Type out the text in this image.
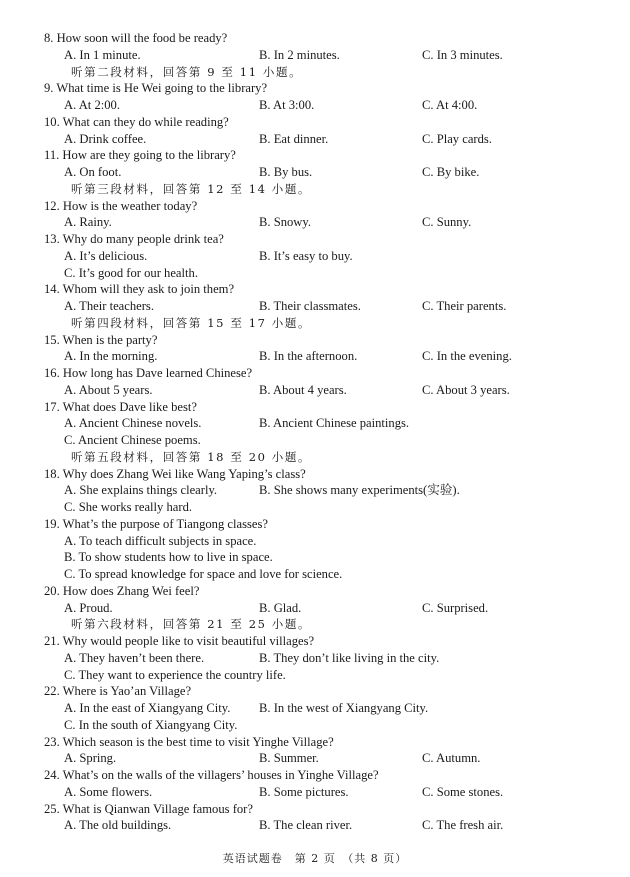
8. How soon will the food be ready?
A. In 1 minute.	B. In 2 minutes.	C. In 3 minutes.
听第二段材料，回答第 9 至 11 小题。
9. What time is He Wei going to the library?
A. At 2:00.	B. At 3:00.	C. At 4:00.
10. What can they do while reading?
A. Drink coffee.	B. Eat dinner.	C. Play cards.
11. How are they going to the library?
A. On foot.	B. By bus.	C. By bike.
听第三段材料，回答第 12 至 14 小题。
12. How is the weather today?
A. Rainy.	B. Snowy.	C. Sunny.
13. Why do many people drink tea?
A. It’s delicious.	B. It’s easy to buy.
C. It’s good for our health.
14. Whom will they ask to join them?
A. Their teachers.	B. Their classmates.	C. Their parents.
听第四段材料，回答第 15 至 17 小题。
15. When is the party?
A. In the morning.	B. In the afternoon.	C. In the evening.
16. How long has Dave learned Chinese?
A. About 5 years.	B. About 4 years.	C. About 3 years.
17. What does Dave like best?
A. Ancient Chinese novels.	B. Ancient Chinese paintings.
C. Ancient Chinese poems.
听第五段材料，回答第 18 至 20 小题。
18. Why does Zhang Wei like Wang Yaping’s class?
A. She explains things clearly.	B. She shows many experiments(实验).
C. She works really hard.
19. What’s the purpose of Tiangong classes?
A. To teach difficult subjects in space.
B. To show students how to live in space.
C. To spread knowledge for space and love for science.
20. How does Zhang Wei feel?
A. Proud.	B. Glad.	C. Surprised.
听第六段材料，回答第 21 至 25 小题。
21. Why would people like to visit beautiful villages?
A. They haven’t been there.	B. They don’t like living in the city.
C. They want to experience the country life.
22. Where is Yao’an Village?
A. In the east of Xiangyang City. B. In the west of Xiangyang City.
C. In the south of Xiangyang City.
23. Which season is the best time to visit Yinghe Village?
A. Spring.	B. Summer.	C. Autumn.
24. What’s on the walls of the villagers’ houses in Yinghe Village?
A. Some flowers.	B. Some pictures.	C. Some stones.
25. What is Qianwan Village famous for?
A. The old buildings.	B. The clean river.	C. The fresh air.
英语试题卷　第 2 页　（共 8 页）
